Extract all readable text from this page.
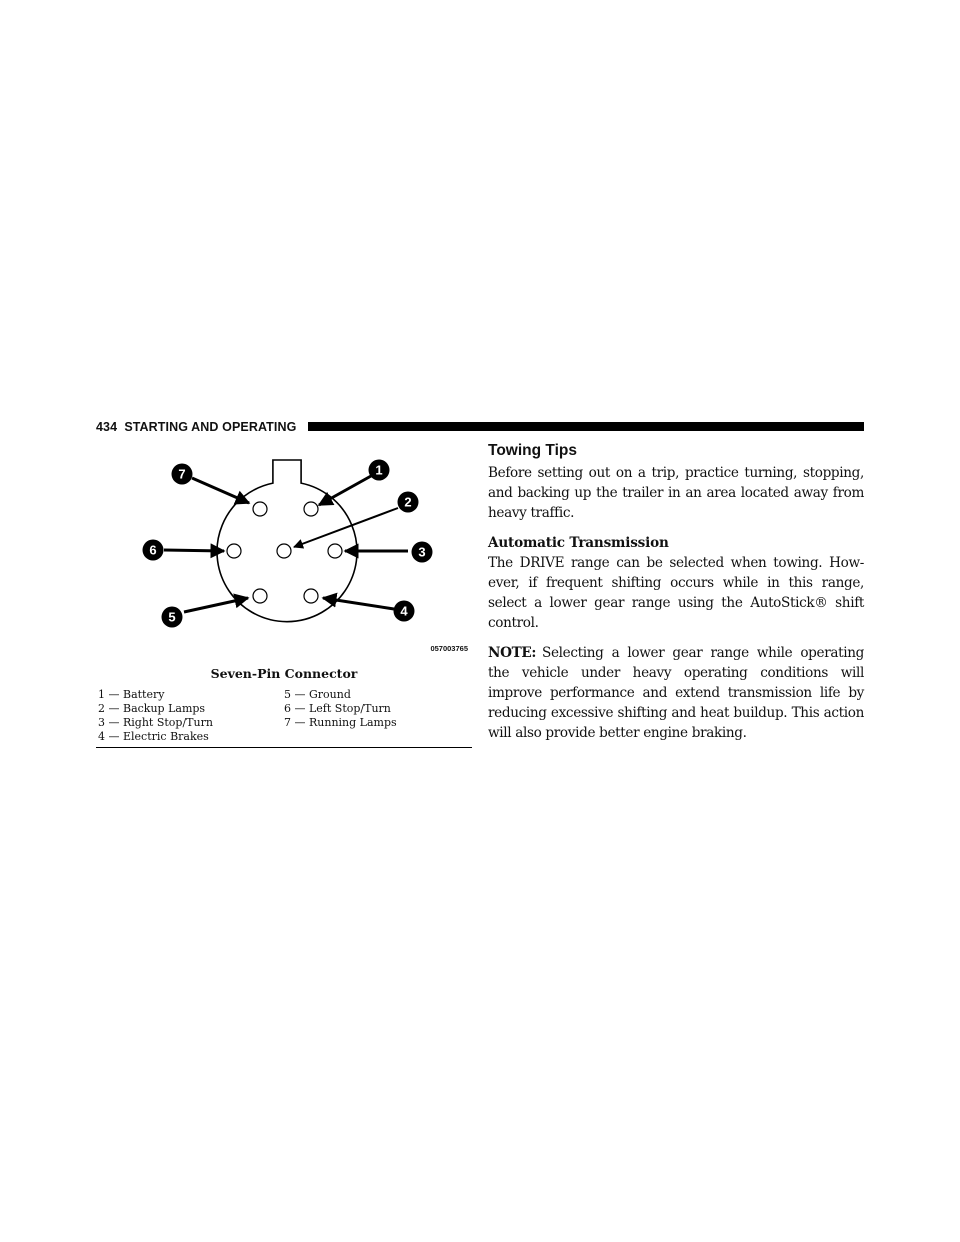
434 STARTING AND OPERATING
1
2
3
4
5
6
7
057003765
Seven-Pin Connector
1 — Battery
2 — Backup Lamps
3 — Right Stop/Turn
4 — Electric Brakes
5 — Ground
6 — Left Stop/Turn
7 — Running Lamps
Towing Tips

Before setting out on a trip, practice turning, stopping, and backing up the trailer in an area located away from heavy traffic.

Automatic Transmission

The DRIVE range can be selected when towing. How-ever, if frequent shifting occurs while in this range, select a lower gear range using the AutoStick® shift control.

NOTE: Selecting a lower gear range while operating the vehicle under heavy operating conditions will improve performance and extend transmission life by reducing excessive shifting and heat buildup. This action will also provide better engine braking.
